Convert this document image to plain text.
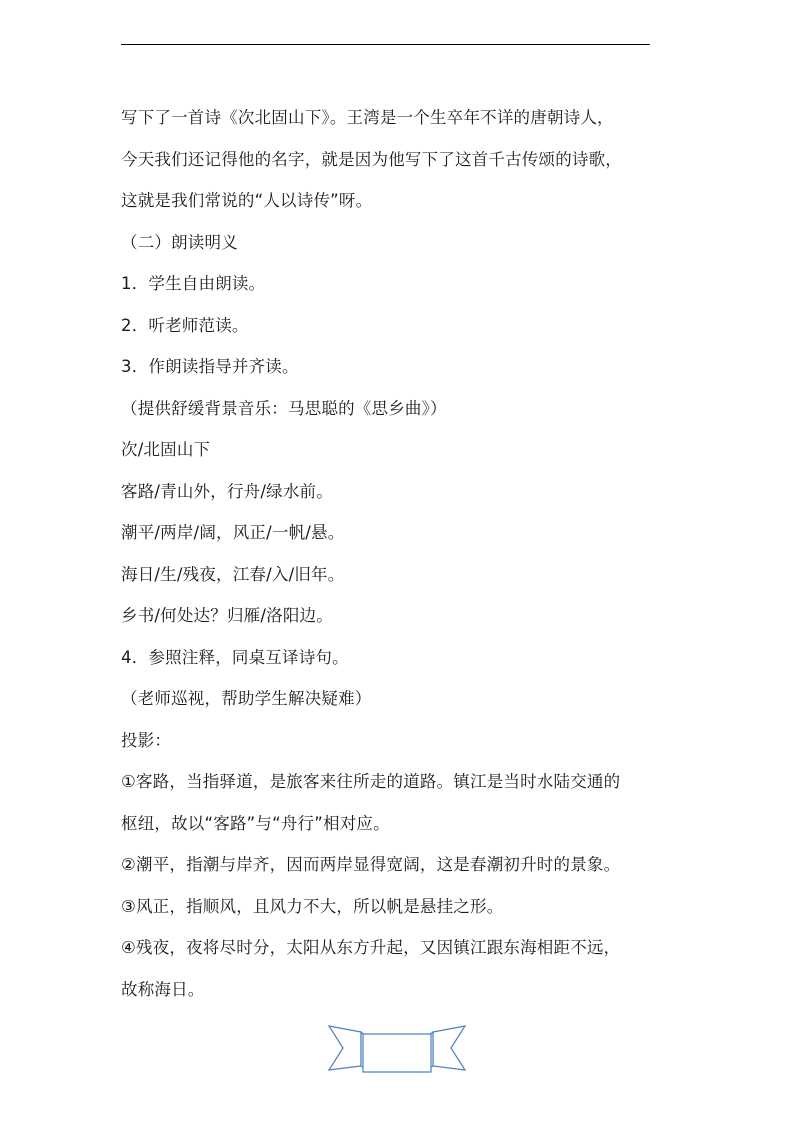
写下了一首诗《次北固山下》。王湾是一个生卒年不详的唐朝诗人，
今天我们还记得他的名字，就是因为他写下了这首千古传颂的诗歌，
这就是我们常说的“人以诗传”呀。
（二）朗读明义
1．学生自由朗读。
2．听老师范读。
3．作朗读指导并齐读。
（提供舒缓背景音乐：马思聪的《思乡曲》）
次/北固山下
客路/青山外，行舟/绿水前。
潮平/两岸/阔，风正/一帆/悬。
海日/生/残夜，江春/入/旧年。
乡书/何处达？归雁/洛阳边。
4．参照注释，同桌互译诗句。
（老师巡视，帮助学生解决疑难）
投影：
①客路，当指驿道，是旅客来往所走的道路。镇江是当时水陆交通的
枢纽，故以“客路”与“舟行”相对应。
②潮平，指潮与岸齐，因而两岸显得宽阔，这是春潮初升时的景象。
③风正，指顺风，且风力不大，所以帆是悬挂之形。
④残夜，夜将尽时分，太阳从东方升起，又因镇江跟东海相距不远，
故称海日。
